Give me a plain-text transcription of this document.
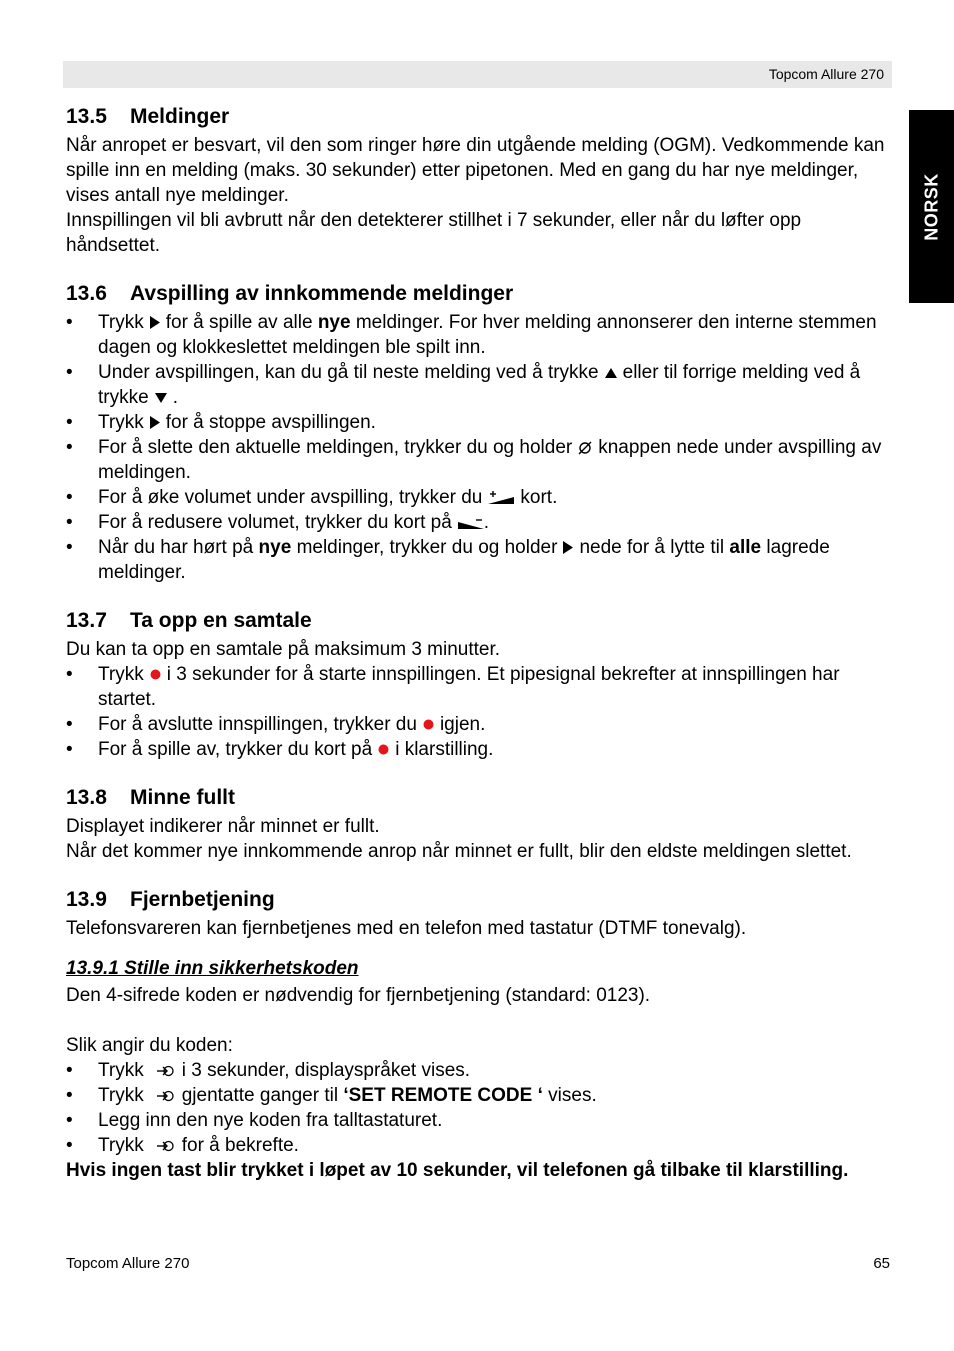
Topcom Allure 270
NORSK
13.5 Meldinger

Når anropet er besvart, vil den som ringer høre din utgående melding (OGM). Vedkommende kan spille inn en melding (maks. 30 sekunder) etter pipetonen. Med en gang du har nye meldinger, vises antall nye meldinger.

Innspillingen vil bli avbrutt når den detekterer stillhet i 7 sekunder, eller når du løfter opp håndsettet.

13.6 Avspilling av innkommende meldinger
• Trykk for å spille av alle nye meldinger. For hver melding annonserer den interne stemmen dagen og klokkeslettet meldingen ble spilt inn.
• Under avspillingen, kan du gå til neste melding ved å trykke eller til forrige melding ved å trykke .
• Trykk for å stoppe avspillingen.
• For å slette den aktuelle meldingen, trykker du og holder knappen nede under avspilling av meldingen.
• For å øke volumet under avspilling, trykker du kort.
• For å redusere volumet, trykker du kort på .
• Når du har hørt på nye meldinger, trykker du og holder nede for å lytte til alle lagrede meldinger.
13.7 Ta opp en samtale

Du kan ta opp en samtale på maksimum 3 minutter.

• Trykk i 3 sekunder for å starte innspillingen. Et pipesignal bekrefter at innspillingen har startet.
• For å avslutte innspillingen, trykker du igjen.
• For å spille av, trykker du kort på i klarstilling.
13.8 Minne fullt

Displayet indikerer når minnet er fullt.

Når det kommer nye innkommende anrop når minnet er fullt, blir den eldste meldingen slettet.

13.9 Fjernbetjening

Telefonsvareren kan fjernbetjenes med en telefon med tastatur (DTMF tonevalg).

13.9.1 Stille inn sikkerhetskoden

Den 4-sifrede koden er nødvendig for fjernbetjening (standard: 0123).

Slik angir du koden:

• Trykk i 3 sekunder, displayspråket vises.
• Trykk gjentatte ganger til ‘SET REMOTE CODE ‘ vises.
• Legg inn den nye koden fra talltastaturet.
• Trykk for å bekrefte.

Hvis ingen tast blir trykket i løpet av 10 sekunder, vil telefonen gå tilbake til klarstilling.

Topcom Allure 270	65
